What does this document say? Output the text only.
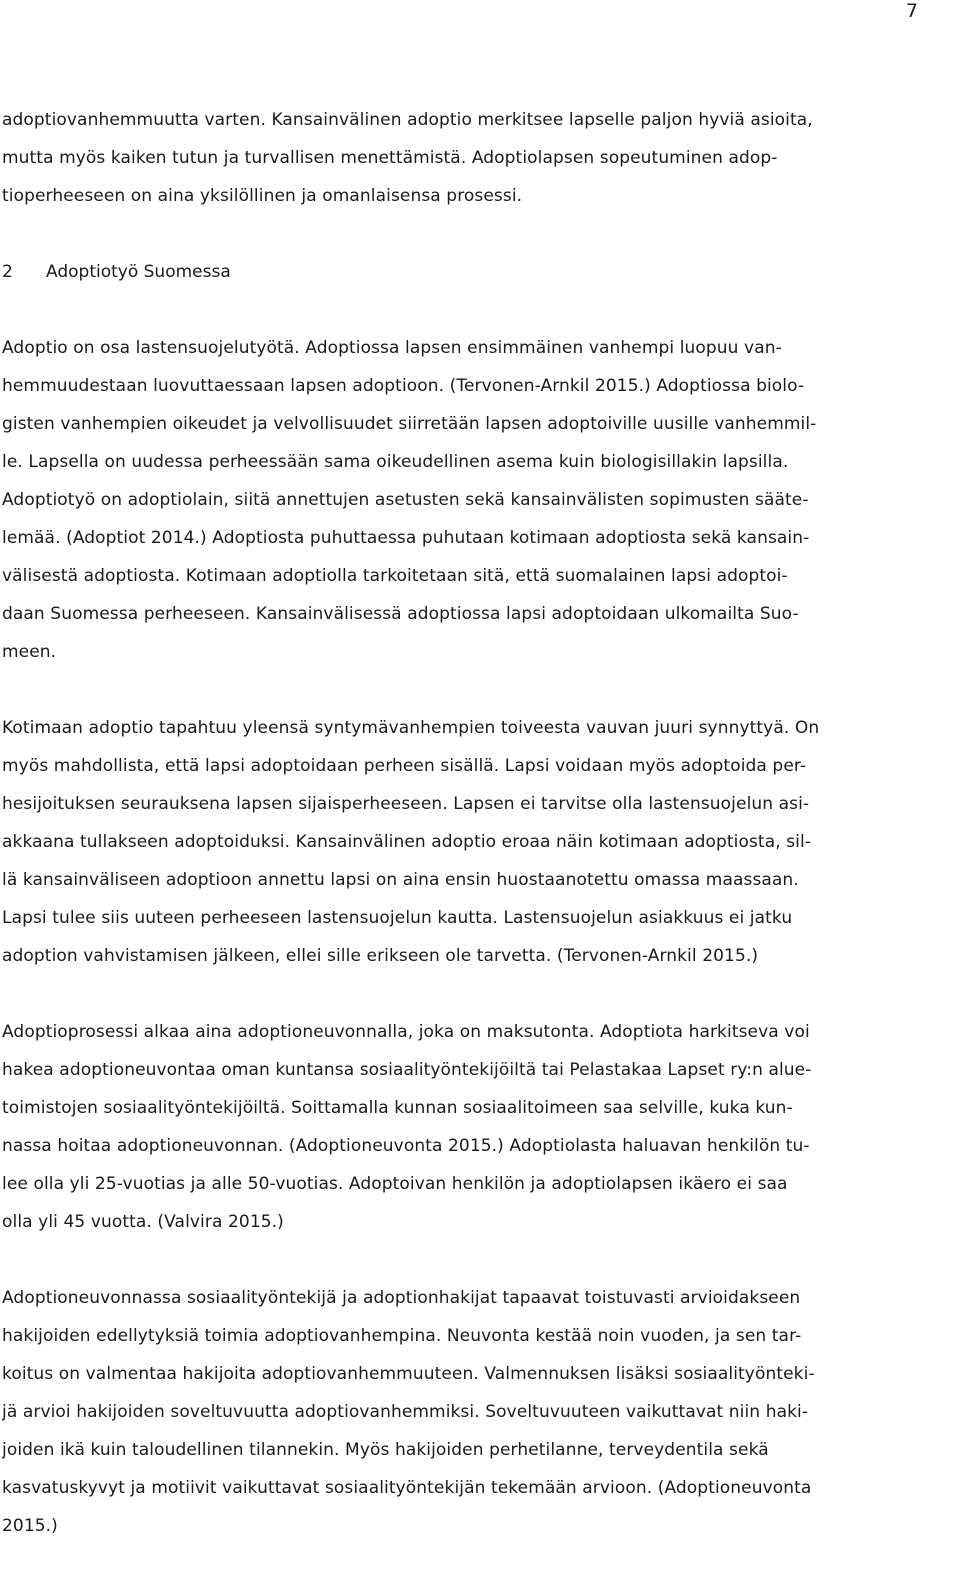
7

adoptiovanhemmuutta varten. Kansainvälinen adoptio merkitsee lapselle paljon hyviä asioita,
mutta myös kaiken tutun ja turvallisen menettämistä. Adoptiolapsen sopeutuminen adop-
tioperheeseen on aina yksilöllinen ja omanlaisensa prosessi.

2 Adoptiotyö Suomessa

Adoptio on osa lastensuojelutyötä. Adoptiossa lapsen ensimmäinen vanhempi luopuu van-
hemmuudestaan luovuttaessaan lapsen adoptioon. (Tervonen-Arnkil 2015.) Adoptiossa biolo-
gisten vanhempien oikeudet ja velvollisuudet siirretään lapsen adoptoiville uusille vanhemmil-
le. Lapsella on uudessa perheessään sama oikeudellinen asema kuin biologisillakin lapsilla.
Adoptiotyö on adoptiolain, siitä annettujen asetusten sekä kansainvälisten sopimusten sääte-
lemää. (Adoptiot 2014.) Adoptiosta puhuttaessa puhutaan kotimaan adoptiosta sekä kansain-
välisestä adoptiosta. Kotimaan adoptiolla tarkoitetaan sitä, että suomalainen lapsi adoptoi-
daan Suomessa perheeseen. Kansainvälisessä adoptiossa lapsi adoptoidaan ulkomailta Suo-
meen.

Kotimaan adoptio tapahtuu yleensä syntymävanhempien toiveesta vauvan juuri synnyttyä. On
myös mahdollista, että lapsi adoptoidaan perheen sisällä. Lapsi voidaan myös adoptoida per-
hesijoituksen seurauksena lapsen sijaisperheeseen. Lapsen ei tarvitse olla lastensuojelun asi-
akkaana tullakseen adoptoiduksi. Kansainvälinen adoptio eroaa näin kotimaan adoptiosta, sil-
lä kansainväliseen adoptioon annettu lapsi on aina ensin huostaanotettu omassa maassaan.
Lapsi tulee siis uuteen perheeseen lastensuojelun kautta. Lastensuojelun asiakkuus ei jatku
adoption vahvistamisen jälkeen, ellei sille erikseen ole tarvetta. (Tervonen-Arnkil 2015.)

Adoptioprosessi alkaa aina adoptioneuvonnalla, joka on maksutonta. Adoptiota harkitseva voi
hakea adoptioneuvontaa oman kuntansa sosiaalityöntekijöiltä tai Pelastakaa Lapset ry:n alue-
toimistojen sosiaalityöntekijöiltä. Soittamalla kunnan sosiaalitoimeen saa selville, kuka kun-
nassa hoitaa adoptioneuvonnan. (Adoptioneuvonta 2015.) Adoptiolasta haluavan henkilön tu-
lee olla yli 25-vuotias ja alle 50-vuotias. Adoptoivan henkilön ja adoptiolapsen ikäero ei saa
olla yli 45 vuotta. (Valvira 2015.)

Adoptioneuvonnassa sosiaalityöntekijä ja adoptionhakijat tapaavat toistuvasti arvioidakseen
hakijoiden edellytyksiä toimia adoptiovanhempina. Neuvonta kestää noin vuoden, ja sen tar-
koitus on valmentaa hakijoita adoptiovanhemmuuteen. Valmennuksen lisäksi sosiaalityönteki-
jä arvioi hakijoiden soveltuvuutta adoptiovanhemmiksi. Soveltuvuuteen vaikuttavat niin haki-
joiden ikä kuin taloudellinen tilannekin. Myös hakijoiden perhetilanne, terveydentila sekä
kasvatuskyvyt ja motiivit vaikuttavat sosiaalityöntekijän tekemään arvioon. (Adoptioneuvonta
2015.)
